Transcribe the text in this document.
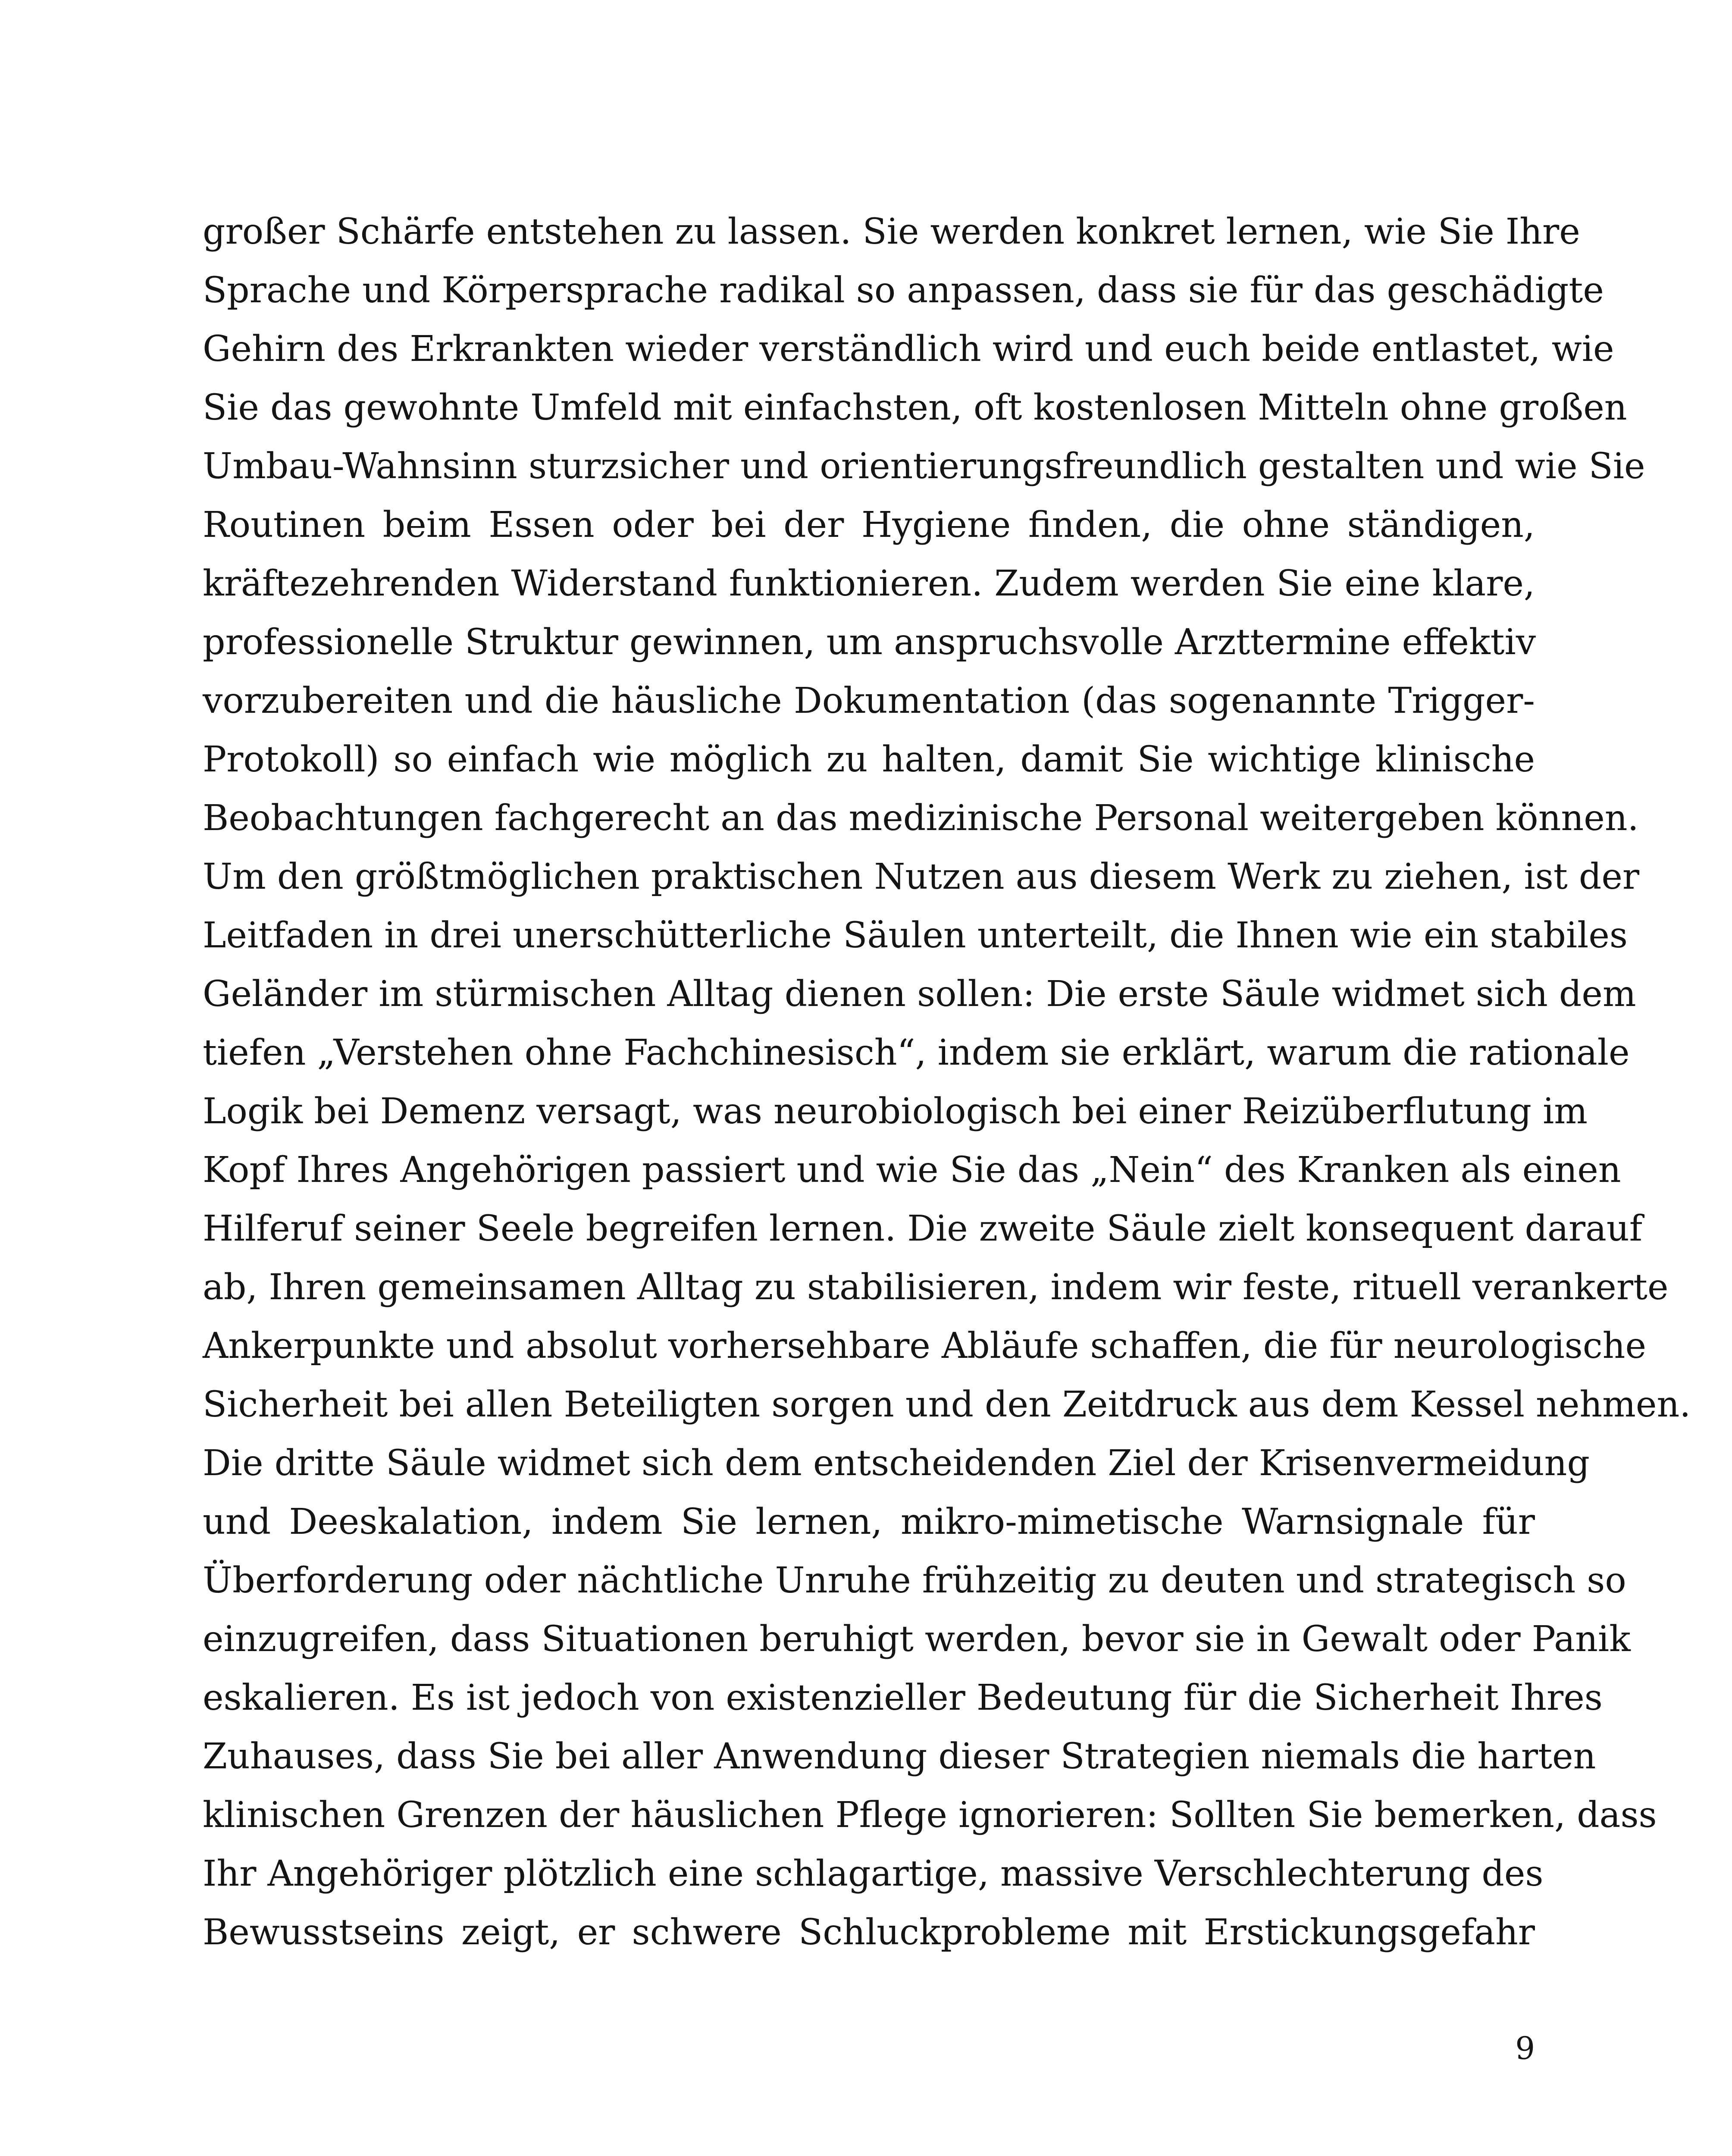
großer Schärfe entstehen zu lassen. Sie werden konkret lernen, wie Sie Ihre
Sprache und Körpersprache radikal so anpassen, dass sie für das geschädigte
Gehirn des Erkrankten wieder verständlich wird und euch beide entlastet, wie
Sie das gewohnte Umfeld mit einfachsten, oft kostenlosen Mitteln ohne großen
Umbau-Wahnsinn sturzsicher und orientierungsfreundlich gestalten und wie Sie
Routinen beim Essen oder bei der Hygiene finden, die ohne ständigen,
kräftezehrenden Widerstand funktionieren. Zudem werden Sie eine klare,
professionelle Struktur gewinnen, um anspruchsvolle Arzttermine effektiv
vorzubereiten und die häusliche Dokumentation (das sogenannte Trigger-
Protokoll) so einfach wie möglich zu halten, damit Sie wichtige klinische
Beobachtungen fachgerecht an das medizinische Personal weitergeben können.
Um den größtmöglichen praktischen Nutzen aus diesem Werk zu ziehen, ist der
Leitfaden in drei unerschütterliche Säulen unterteilt, die Ihnen wie ein stabiles
Geländer im stürmischen Alltag dienen sollen: Die erste Säule widmet sich dem
tiefen „Verstehen ohne Fachchinesisch“, indem sie erklärt, warum die rationale
Logik bei Demenz versagt, was neurobiologisch bei einer Reizüberflutung im
Kopf Ihres Angehörigen passiert und wie Sie das „Nein“ des Kranken als einen
Hilferuf seiner Seele begreifen lernen. Die zweite Säule zielt konsequent darauf
ab, Ihren gemeinsamen Alltag zu stabilisieren, indem wir feste, rituell verankerte
Ankerpunkte und absolut vorhersehbare Abläufe schaffen, die für neurologische
Sicherheit bei allen Beteiligten sorgen und den Zeitdruck aus dem Kessel nehmen.
Die dritte Säule widmet sich dem entscheidenden Ziel der Krisenvermeidung
und Deeskalation, indem Sie lernen, mikro-mimetische Warnsignale für
Überforderung oder nächtliche Unruhe frühzeitig zu deuten und strategisch so
einzugreifen, dass Situationen beruhigt werden, bevor sie in Gewalt oder Panik
eskalieren. Es ist jedoch von existenzieller Bedeutung für die Sicherheit Ihres
Zuhauses, dass Sie bei aller Anwendung dieser Strategien niemals die harten
klinischen Grenzen der häuslichen Pflege ignorieren: Sollten Sie bemerken, dass
Ihr Angehöriger plötzlich eine schlagartige, massive Verschlechterung des
Bewusstseins zeigt, er schwere Schluckprobleme mit Erstickungsgefahr
9
